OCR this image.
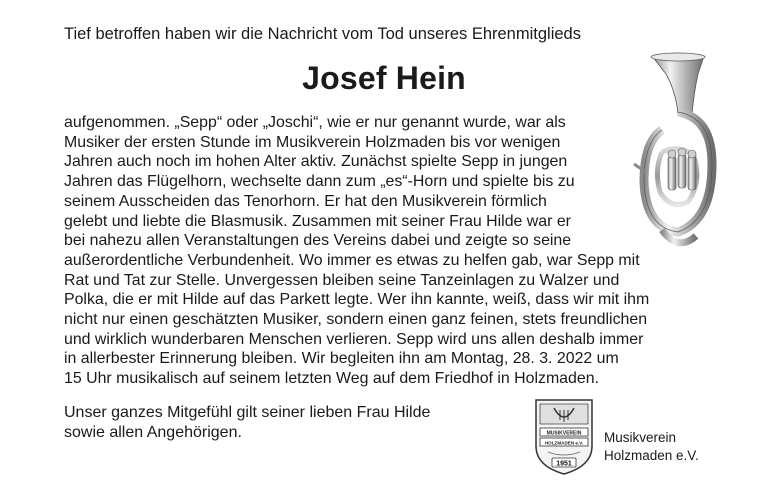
Tief betroffen haben wir die Nachricht vom Tod unseres Ehrenmitglieds

Josef Hein
aufgenommen. „Sepp“ oder „Joschi“, wie er nur genannt wurde, war als
Musiker der ersten Stunde im Musikverein Holzmaden bis vor wenigen
Jahren auch noch im hohen Alter aktiv. Zunächst spielte Sepp in jungen
Jahren das Flügelhorn, wechselte dann zum „es“-Horn und spielte bis zu
seinem Ausscheiden das Tenorhorn. Er hat den Musikverein förmlich
gelebt und liebte die Blasmusik. Zusammen mit seiner Frau Hilde war er
bei nahezu allen Veranstaltungen des Vereins dabei und zeigte so seine
außerordentliche Verbundenheit. Wo immer es etwas zu helfen gab, war Sepp mit
Rat und Tat zur Stelle. Unvergessen bleiben seine Tanzeinlagen zu Walzer und
Polka, die er mit Hilde auf das Parkett legte. Wer ihn kannte, weiß, dass wir mit ihm
nicht nur einen geschätzten Musiker, sondern einen ganz feinen, stets freundlichen
und wirklich wunderbaren Menschen verlieren. Sepp wird uns allen deshalb immer
in allerbester Erinnerung bleiben. Wir begleiten ihn am Montag, 28. 3. 2022 um
15 Uhr musikalisch auf seinem letzten Weg auf dem Friedhof in Holzmaden.
Unser ganzes Mitgefühl gilt seiner lieben Frau Hilde
sowie allen Angehörigen.	MUSIKVEREIN
HOLZMADEN e.V.
1951
Musikverein
Holzmaden e.V.
